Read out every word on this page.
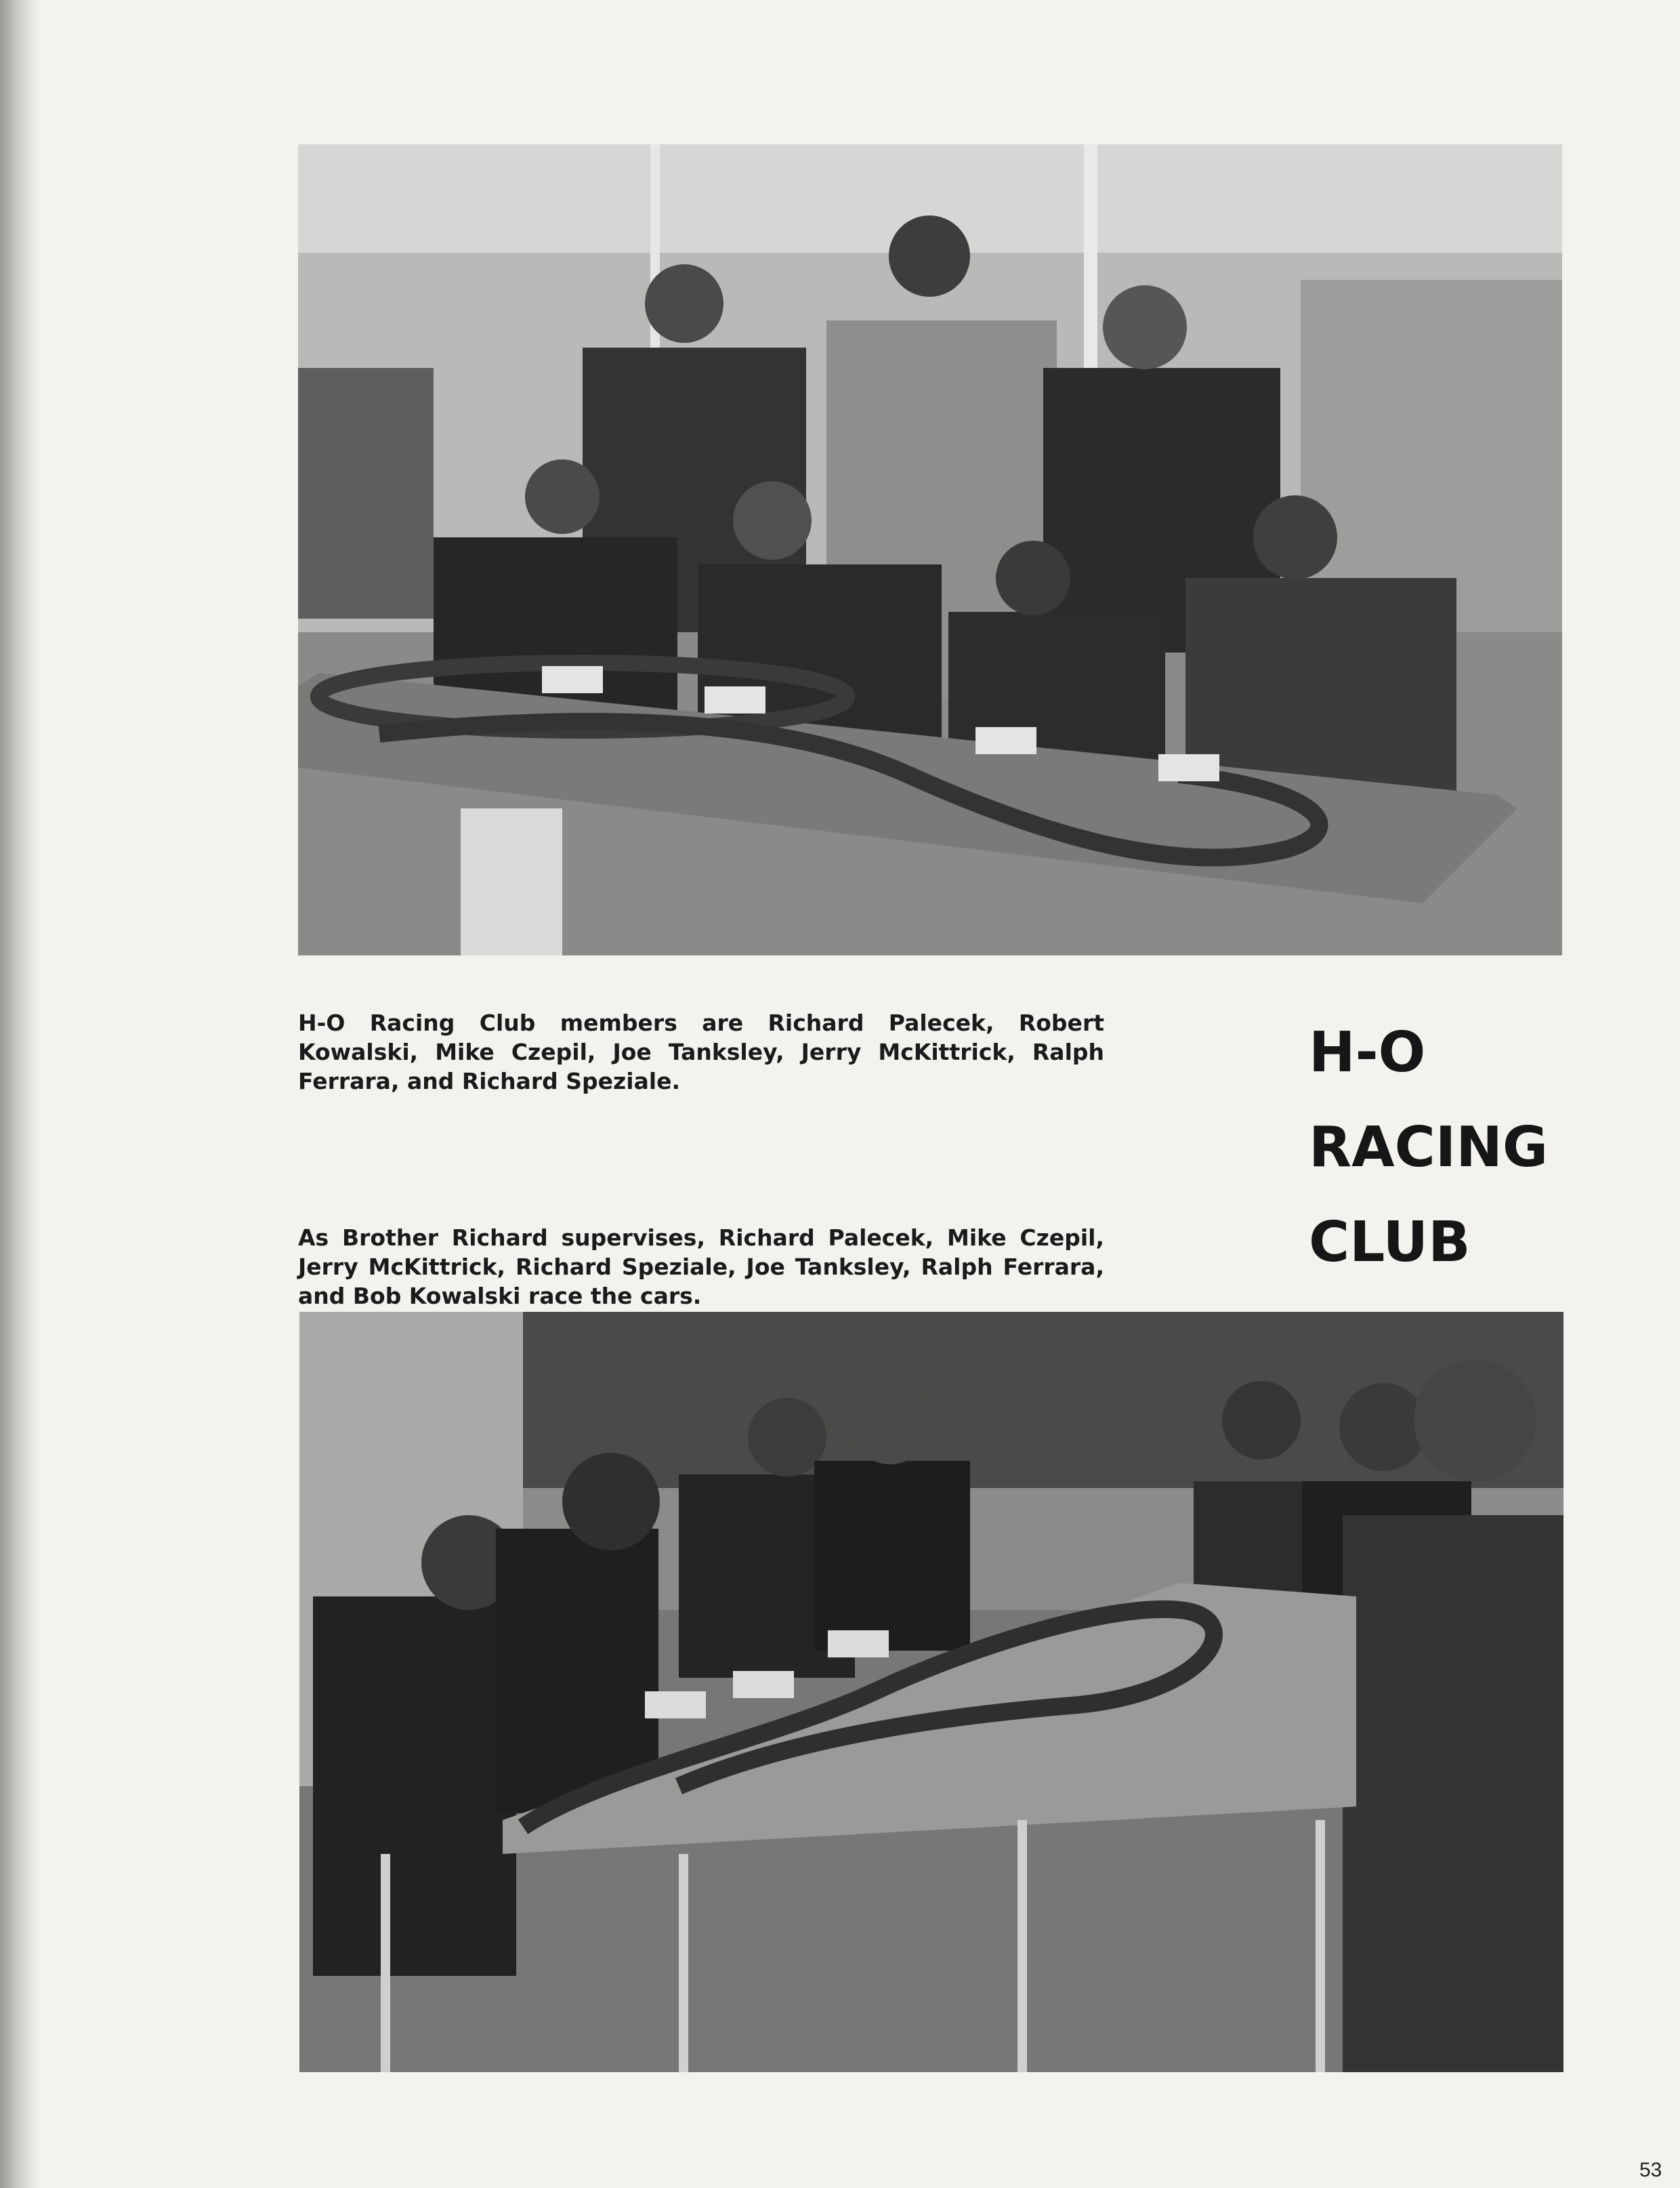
H-O Racing Club members are Richard Palecek, Robert Kowalski, Mike Czepil, Joe Tanksley, Jerry McKittrick, Ralph Ferrara, and Richard Speziale.	H-O
RACING
CLUB

As Brother Richard supervises, Richard Palecek, Mike Czepil, Jerry McKittrick, Richard Speziale, Joe Tanksley, Ralph Ferrara, and Bob Kowalski race the cars.

53
